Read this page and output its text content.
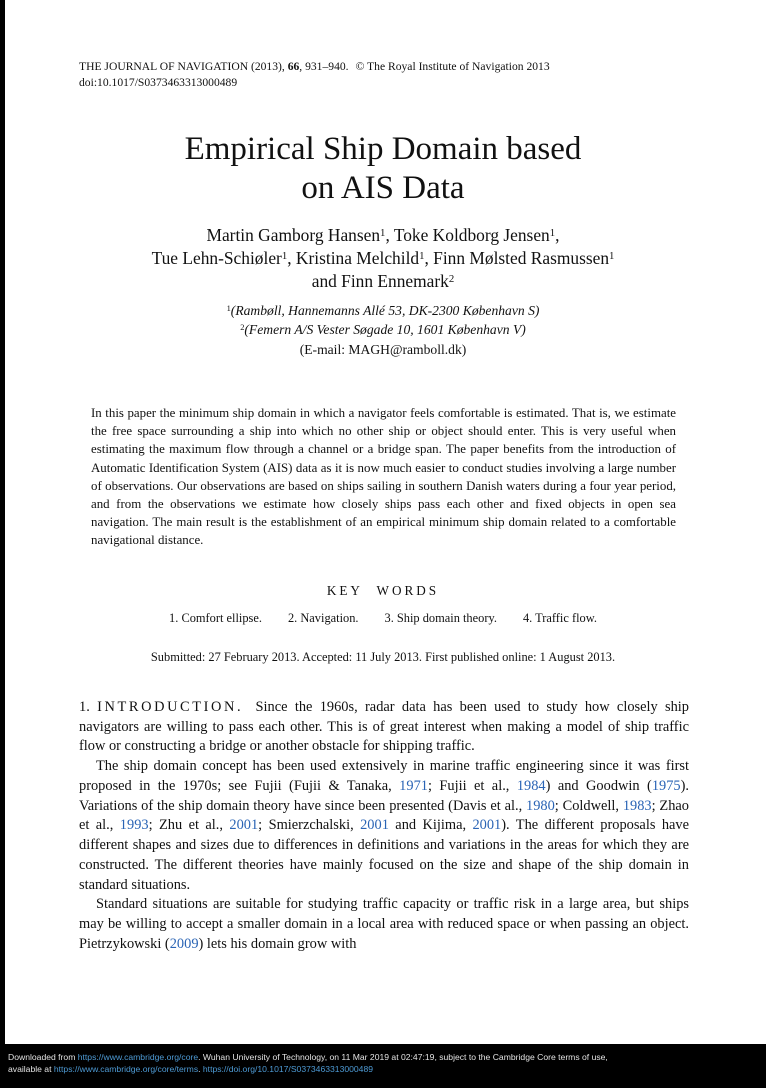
THE JOURNAL OF NAVIGATION (2013), 66, 931–940. © The Royal Institute of Navigation 2013
doi:10.1017/S0373463313000489
Empirical Ship Domain based
on AIS Data
Martin Gamborg Hansen$^1$, Toke Koldborg Jensen$^1$,
Tue Lehn-Schiøler$^1$, Kristina Melchild$^1$, Finn Mølsted Rasmussen$^1$
and Finn Ennemark$^2$
$^1$(Rambøll, Hannemanns Allé 53, DK-2300 København S)
$^2$(Femern A/S Vester Søgade 10, 1601 København V)
(E-mail: MAGH@ramboll.dk)

In this paper the minimum ship domain in which a navigator feels comfortable is estimated. That is, we estimate the free space surrounding a ship into which no other ship or object should enter. This is very useful when estimating the maximum flow through a channel or a bridge span. The paper benefits from the introduction of Automatic Identification System (AIS) data as it is now much easier to conduct studies involving a large number of observations. Our observations are based on ships sailing in southern Danish waters during a four year period, and from the observations we estimate how closely ships pass each other and fixed objects in open sea navigation. The main result is the establishment of an empirical minimum ship domain related to a comfortable navigational distance.

KEY WORDS
1. Comfort ellipse. 2. Navigation. 3. Ship domain theory. 4. Traffic flow.
Submitted: 27 February 2013. Accepted: 11 July 2013. First published online: 1 August 2013.

1. INTRODUCTION. Since the 1960s, radar data has been used to study how closely ship navigators are willing to pass each other. This is of great interest when making a model of ship traffic flow or constructing a bridge or another obstacle for shipping traffic.

The ship domain concept has been used extensively in marine traffic engineering since it was first proposed in the 1970s; see Fujii (Fujii & Tanaka, 1971; Fujii et al., 1984) and Goodwin (1975). Variations of the ship domain theory have since been presented (Davis et al., 1980; Coldwell, 1983; Zhao et al., 1993; Zhu et al., 2001; Smierzchalski, 2001 and Kijima, 2001). The different proposals have different shapes and sizes due to differences in definitions and variations in the areas for which they are constructed. The different theories have mainly focused on the size and shape of the ship domain in standard situations.

Standard situations are suitable for studying traffic capacity or traffic risk in a large area, but ships may be willing to accept a smaller domain in a local area with reduced space or when passing an object. Pietrzykowski (2009) lets his domain grow with

Downloaded from https://www.cambridge.org/core. Wuhan University of Technology, on 11 Mar 2019 at 02:47:19, subject to the Cambridge Core terms of use,
available at https://www.cambridge.org/core/terms. https://doi.org/10.1017/S0373463313000489
